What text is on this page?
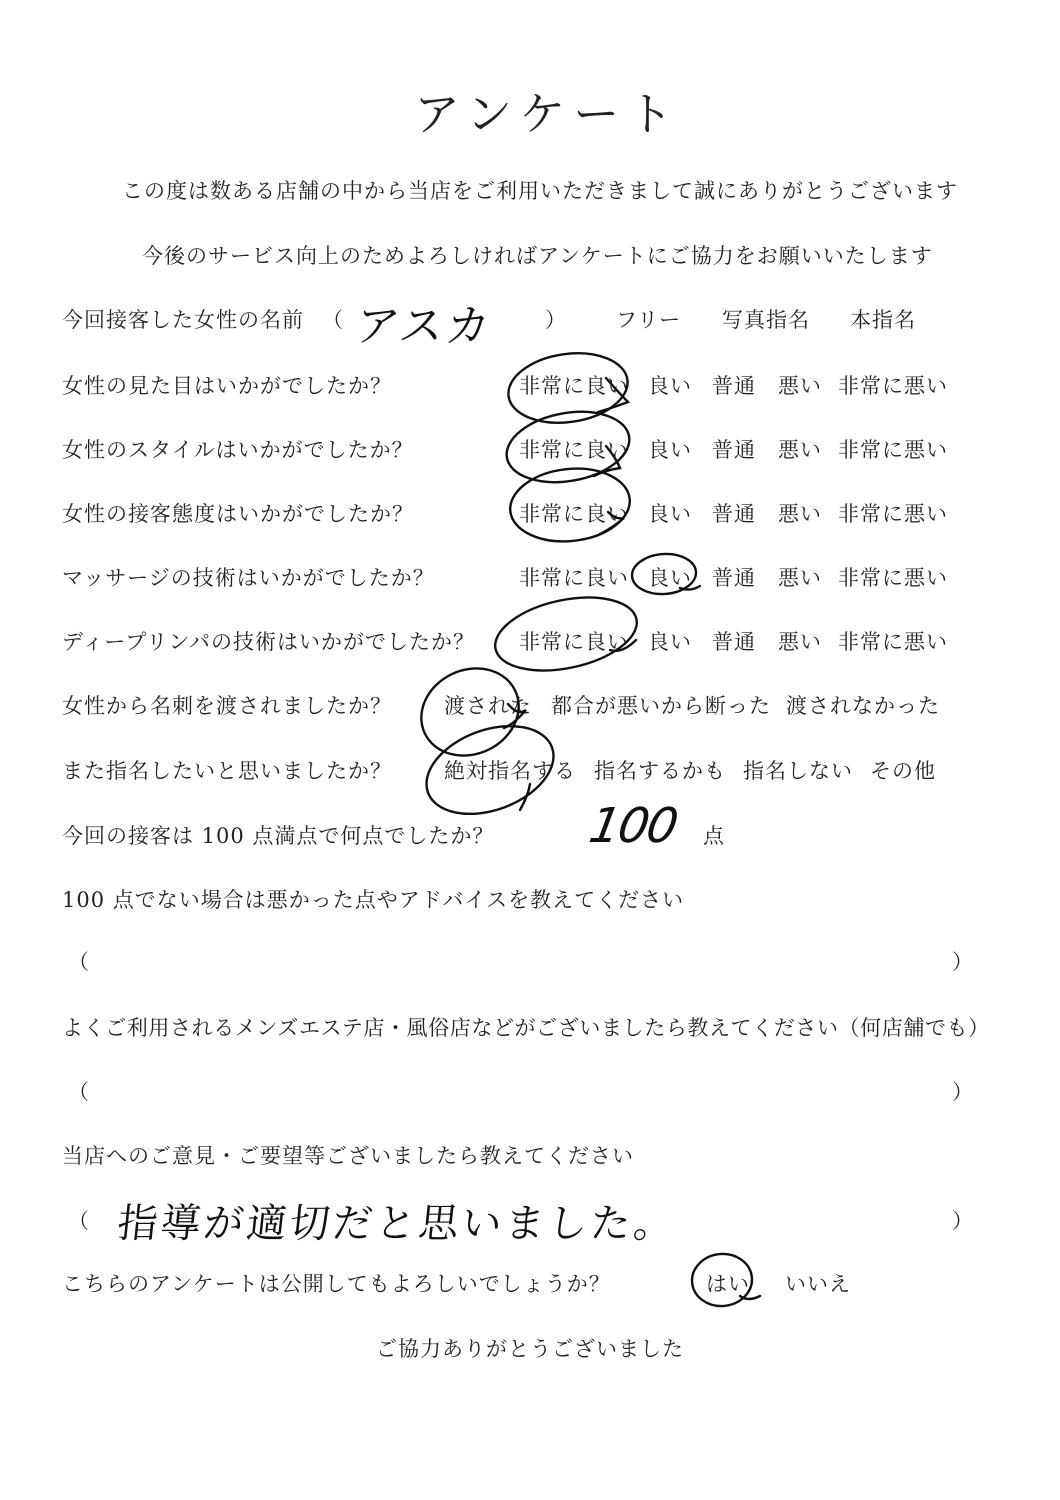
アンケート
この度は数ある店舗の中から当店をご利用いただきまして誠にありがとうございます
今後のサービス向上のためよろしければアンケートにご協力をお願いいたします
今回接客した女性の名前 （ アスカ ） フリー 写真指名 本指名
女性の見た目はいかがでしたか？	非常に良い 良い 普通 悪い 非常に悪い
女性のスタイルはいかがでしたか？	非常に良い 良い 普通 悪い 非常に悪い
女性の接客態度はいかがでしたか？	非常に良い 良い 普通 悪い 非常に悪い
マッサージの技術はいかがでしたか？	非常に良い 良い 普通 悪い 非常に悪い
ディープリンパの技術はいかがでしたか？ 非常に良い 良い 普通 悪い 非常に悪い
女性から名刺を渡されましたか？ 渡された 都合が悪いから断った 渡されなかった
また指名したいと思いましたか？ 絶対指名する 指名するかも 指名しない その他
今回の接客は 100 点満点で何点でしたか？ 100 点
100 点でない場合は悪かった点やアドバイスを教えてください
（	）
よくご利用されるメンズエステ店・風俗店などがございましたら教えてください（何店舗でも）
（	）
当店へのご意見・ご要望等ございましたら教えてください
（ 指導が適切だと思いました。	）
こちらのアンケートは公開してもよろしいでしょうか？	はい いいえ
ご協力ありがとうございました
